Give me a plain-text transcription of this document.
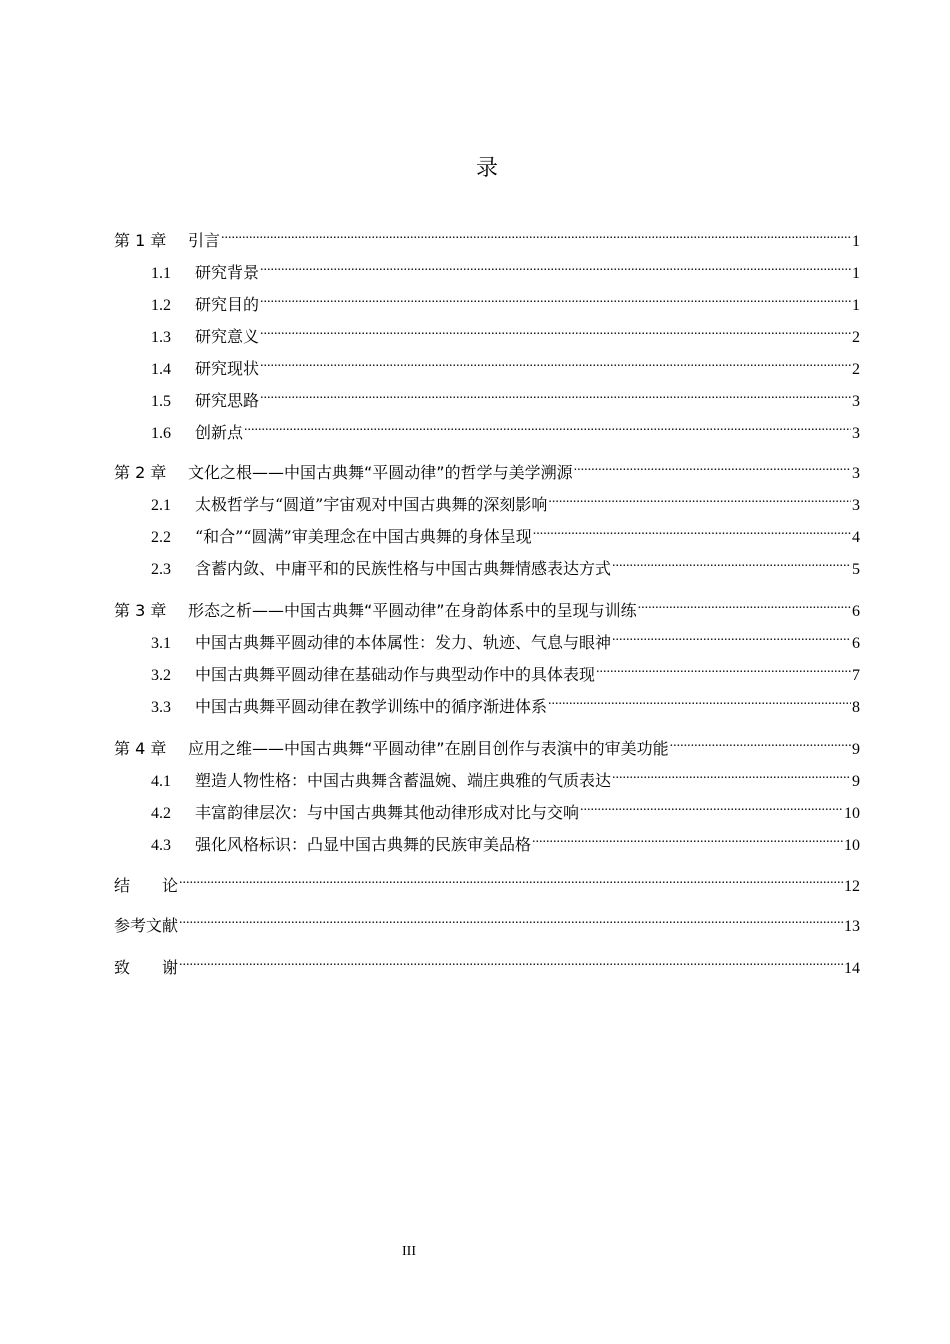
录
第 1 章	引言 .....	1
1.1	研究背景 .....	1
1.2	研究目的 .....	1
1.3	研究意义 .....	2
1.4	研究现状 .....	2
1.5	研究思路 .....	3
1.6	创新点 .....	3
第 2 章	文化之根——中国古典舞“平圆动律”的哲学与美学溯源 .....	3
2.1	太极哲学与“圆道”宇宙观对中国古典舞的深刻影响 .....	3
2.2	“和合”“圆满”审美理念在中国古典舞的身体呈现 .....	4
2.3	含蓄内敛、中庸平和的民族性格与中国古典舞情感表达方式 .....	5
第 3 章	形态之析——中国古典舞“平圆动律”在身韵体系中的呈现与训练 .....	6
3.1	中国古典舞平圆动律的本体属性：发力、轨迹、气息与眼神 .....	6
3.2	中国古典舞平圆动律在基础动作与典型动作中的具体表现 .....	7
3.3	中国古典舞平圆动律在教学训练中的循序渐进体系 .....	8
第 4 章	应用之维——中国古典舞“平圆动律”在剧目创作与表演中的审美功能 .....	9
4.1	塑造人物性格：中国古典舞含蓄温婉、端庄典雅的气质表达 .....	9
4.2	丰富韵律层次：与中国古典舞其他动律形成对比与交响 .....	10
4.3	强化风格标识：凸显中国古典舞的民族审美品格 .....	10
结　　论 .....	12
参考文献 .....	13
致　　谢 .....	14
III
